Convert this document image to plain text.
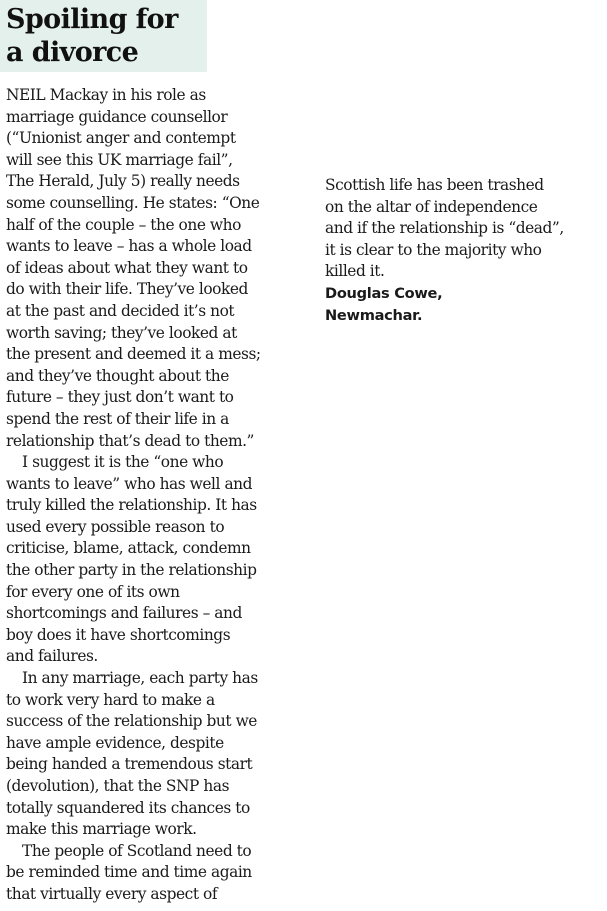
Spoiling for
a divorce
NEIL Mackay in his role as
marriage guidance counsellor
(“Unionist anger and contempt
will see this UK marriage fail”,
The Herald, July 5) really needs
some counselling. He states: “One
half of the couple – the one who
wants to leave – has a whole load
of ideas about what they want to
do with their life. They’ve looked
at the past and decided it’s not
worth saving; they’ve looked at
the present and deemed it a mess;
and they’ve thought about the
future – they just don’t want to
spend the rest of their life in a
relationship that’s dead to them.”
I suggest it is the “one who
wants to leave” who has well and
truly killed the relationship. It has
used every possible reason to
criticise, blame, attack, condemn
the other party in the relationship
for every one of its own
shortcomings and failures – and
boy does it have shortcomings
and failures.
In any marriage, each party has
to work very hard to make a
success of the relationship but we
have ample evidence, despite
being handed a tremendous start
(devolution), that the SNP has
totally squandered its chances to
make this marriage work.
The people of Scotland need to
be reminded time and time again
that virtually every aspect of
Scottish life has been trashed
on the altar of independence
and if the relationship is “dead”,
it is clear to the majority who
killed it.
Douglas Cowe,
Newmachar.
